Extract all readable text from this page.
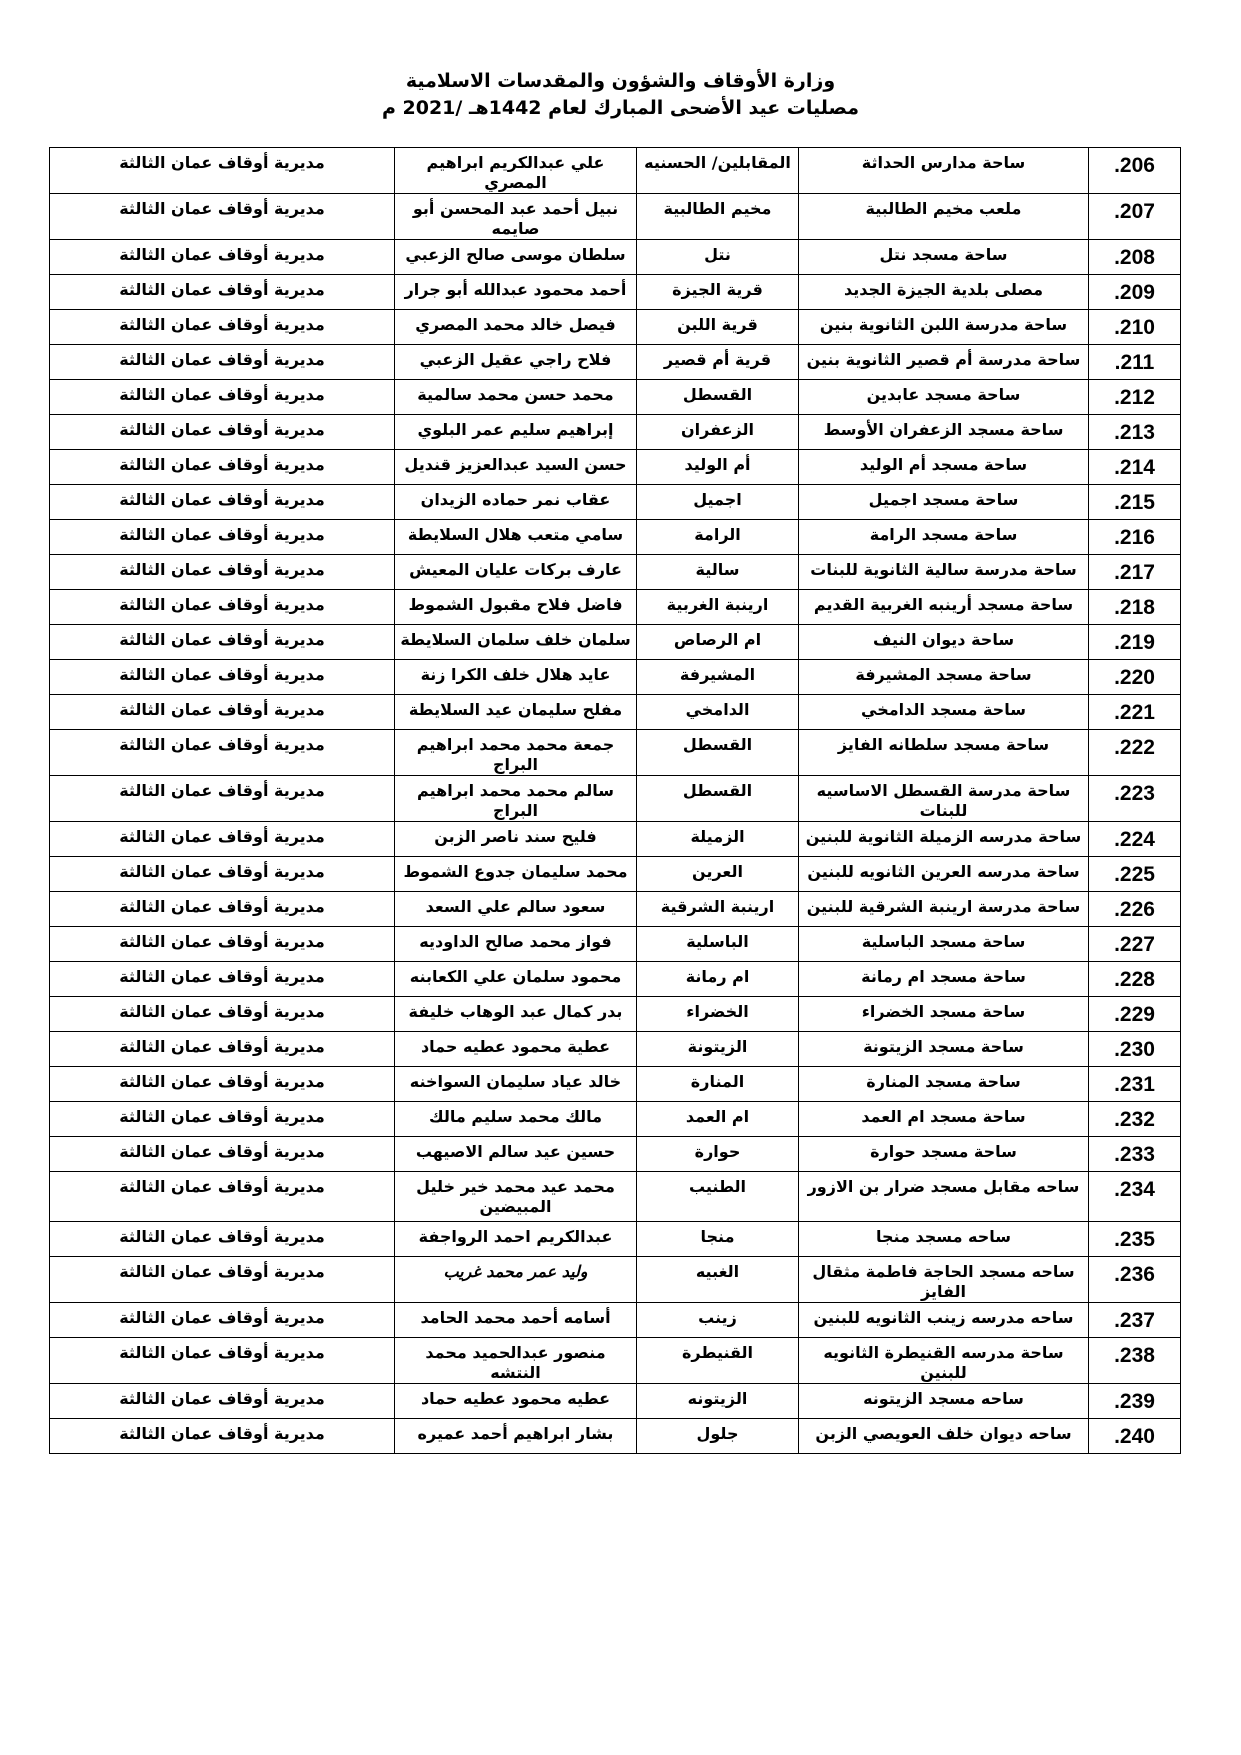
وزارة الأوقاف والشؤون والمقدسات الاسلامية
مصليات عيد الأضحى المبارك لعام 1442هـ /2021 م
.206	ساحة مدارس الحداثة	المقابلين/ الحسنيه	علي عبدالكريم ابراهيم المصري	مديرية أوقاف عمان الثالثة
.207	ملعب مخيم الطالبية	مخيم الطالبية	نبيل أحمد عبد المحسن أبو صايمه	مديرية أوقاف عمان الثالثة
.208	ساحة مسجد نتل	نتل	سلطان موسى صالح الزعبي	مديرية أوقاف عمان الثالثة
.209	مصلى بلدية الجيزة الجديد	قرية الجيزة	أحمد محمود عبدالله أبو جرار	مديرية أوقاف عمان الثالثة
.210	ساحة مدرسة اللبن الثانوية بنين	قرية اللبن	فيصل خالد محمد المصري	مديرية أوقاف عمان الثالثة
.211	ساحة مدرسة أم قصير الثانوية بنين	قرية أم قصير	فلاح راجي عقيل الزعبي	مديرية أوقاف عمان الثالثة
.212	ساحة مسجد عابدين	القسطل	محمد حسن محمد سالمية	مديرية أوقاف عمان الثالثة
.213	ساحة مسجد الزعفران الأوسط	الزعفران	إبراهيم سليم عمر البلوي	مديرية أوقاف عمان الثالثة
.214	ساحة مسجد أم الوليد	أم الوليد	حسن السيد عبدالعزيز قنديل	مديرية أوقاف عمان الثالثة
.215	ساحة مسجد اجميل	اجميل	عقاب نمر حماده الزيدان	مديرية أوقاف عمان الثالثة
.216	ساحة مسجد الرامة	الرامة	سامي متعب هلال السلايطة	مديرية أوقاف عمان الثالثة
.217	ساحة مدرسة سالية الثانوية للبنات	سالية	عارف بركات عليان المعيش	مديرية أوقاف عمان الثالثة
.218	ساحة مسجد أرينبه الغربية القديم	ارينبة الغربية	فاضل فلاح مقبول الشموط	مديرية أوقاف عمان الثالثة
.219	ساحة ديوان النيف	ام الرصاص	سلمان خلف سلمان السلايطة	مديرية أوقاف عمان الثالثة
.220	ساحة مسجد المشيرفة	المشيرفة	عايد هلال خلف الكرا زنة	مديرية أوقاف عمان الثالثة
.221	ساحة مسجد الدامخي	الدامخي	مفلح سليمان عيد السلايطة	مديرية أوقاف عمان الثالثة
.222	ساحة مسجد سلطانه الفايز	القسطل	جمعة محمد محمد ابراهيم البراج	مديرية أوقاف عمان الثالثة
.223	ساحة مدرسة القسطل الاساسيه للبنات	القسطل	سالم محمد محمد ابراهيم البراج	مديرية أوقاف عمان الثالثة
.224	ساحة مدرسه الزميلة الثانوية للبنين	الزميلة	فليح سند ناصر الزبن	مديرية أوقاف عمان الثالثة
.225	ساحة مدرسه العرين الثانويه للبنين	العرين	محمد سليمان جدوع الشموط	مديرية أوقاف عمان الثالثة
.226	ساحة مدرسة ارينبة الشرقية للبنين	ارينبة الشرقية	سعود سالم علي السعد	مديرية أوقاف عمان الثالثة
.227	ساحة مسجد الباسلية	الباسلية	فواز محمد صالح الداوديه	مديرية أوقاف عمان الثالثة
.228	ساحة مسجد ام رمانة	ام رمانة	محمود سلمان علي الكعابنه	مديرية أوقاف عمان الثالثة
.229	ساحة مسجد الخضراء	الخضراء	بدر كمال عبد الوهاب خليفة	مديرية أوقاف عمان الثالثة
.230	ساحة مسجد الزيتونة	الزيتونة	عطية محمود عطيه حماد	مديرية أوقاف عمان الثالثة
.231	ساحة مسجد المنارة	المنارة	خالد عياد سليمان السواخنه	مديرية أوقاف عمان الثالثة
.232	ساحة مسجد ام العمد	ام العمد	مالك محمد سليم مالك	مديرية أوقاف عمان الثالثة
.233	ساحة مسجد حوارة	حوارة	حسين عيد سالم الاصيهب	مديرية أوقاف عمان الثالثة
.234	ساحه مقابل مسجد ضرار بن الازور	الطنيب	محمد عيد محمد خير خليل المبيضين	مديرية أوقاف عمان الثالثة
.235	ساحه مسجد منجا	منجا	عبدالكريم احمد الرواجفة	مديرية أوقاف عمان الثالثة
.236	ساحه مسجد الحاجة فاطمة مثقال الفايز	الغبيه	وليد عمر محمد غريب	مديرية أوقاف عمان الثالثة
.237	ساحه مدرسه زينب الثانويه للبنين	زينب	أسامه أحمد محمد الحامد	مديرية أوقاف عمان الثالثة
.238	ساحة مدرسه القنيطرة الثانويه للبنين	القنيطرة	منصور عبدالحميد محمد النتشه	مديرية أوقاف عمان الثالثة
.239	ساحه مسجد الزيتونه	الزيتونه	عطيه محمود عطيه حماد	مديرية أوقاف عمان الثالثة
.240	ساحه ديوان خلف العويصي الزبن	جلول	بشار ابراهيم أحمد عميره	مديرية أوقاف عمان الثالثة
